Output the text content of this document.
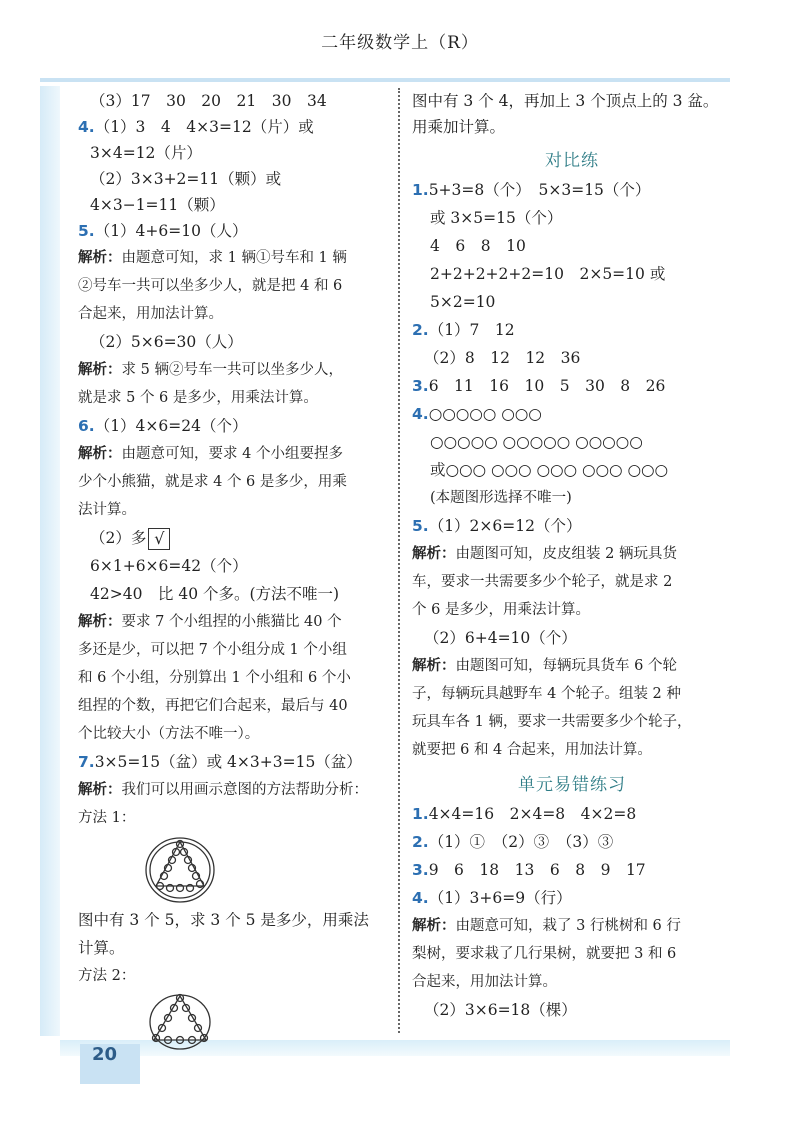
二年级数学上（R）
20
（3）17　30　20　21　30　34
4.（1）3　4　4×3=12（片）或
3×4=12（片）
（2）3×3+2=11（颗）或
4×3−1=11（颗）
5.（1）4+6=10（人）
解析：由题意可知，求 1 辆①号车和 1 辆
②号车一共可以坐多少人，就是把 4 和 6
合起来，用加法计算。
（2）5×6=30（人）
解析：求 5 辆②号车一共可以坐多少人，
就是求 5 个 6 是多少，用乘法计算。
6.（1）4×6=24（个）
解析：由题意可知，要求 4 个小组要捏多
少个小熊猫，就是求 4 个 6 是多少，用乘
法计算。
（2）多 √
6×1+6×6=42（个）
42>40　比 40 个多。(方法不唯一)
解析：要求 7 个小组捏的小熊猫比 40 个
多还是少，可以把 7 个小组分成 1 个小组
和 6 个小组，分别算出 1 个小组和 6 个小
组捏的个数，再把它们合起来，最后与 40
个比较大小（方法不唯一）。
7.3×5=15（盆）或 4×3+3=15（盆）
解析：我们可以用画示意图的方法帮助分析：
方法 1：
图中有 3 个 5，求 3 个 5 是多少，用乘法
计算。
方法 2：
图中有 3 个 4，再加上 3 个顶点上的 3 盆。
用乘加计算。
对比练
1.5+3=8（个）　5×3=15（个）
或 3×5=15（个）
4　6　8　10
2+2+2+2+2=10　2×5=10 或
5×2=10
2.（1）7　12
（2）8　12　12　36
3.6　11　16　10　5　30　8　26
4.○○○○○ ○○○
○○○○○ ○○○○○ ○○○○○
或○○○ ○○○ ○○○ ○○○ ○○○
(本题图形选择不唯一)
5.（1）2×6=12（个）
解析：由题图可知，皮皮组装 2 辆玩具货
车，要求一共需要多少个轮子，就是求 2
个 6 是多少，用乘法计算。
（2）6+4=10（个）
解析：由题图可知，每辆玩具货车 6 个轮
子，每辆玩具越野车 4 个轮子。组装 2 种
玩具车各 1 辆，要求一共需要多少个轮子，
就要把 6 和 4 合起来，用加法计算。
单元易错练习
1.4×4=16　2×4=8　4×2=8
2.（1）①　（2）③　（3）③
3.9　6　18　13　6　8　9　17
4.（1）3+6=9（行）
解析：由题意可知，栽了 3 行桃树和 6 行
梨树，要求栽了几行果树，就要把 3 和 6
合起来，用加法计算。
（2）3×6=18（棵）
